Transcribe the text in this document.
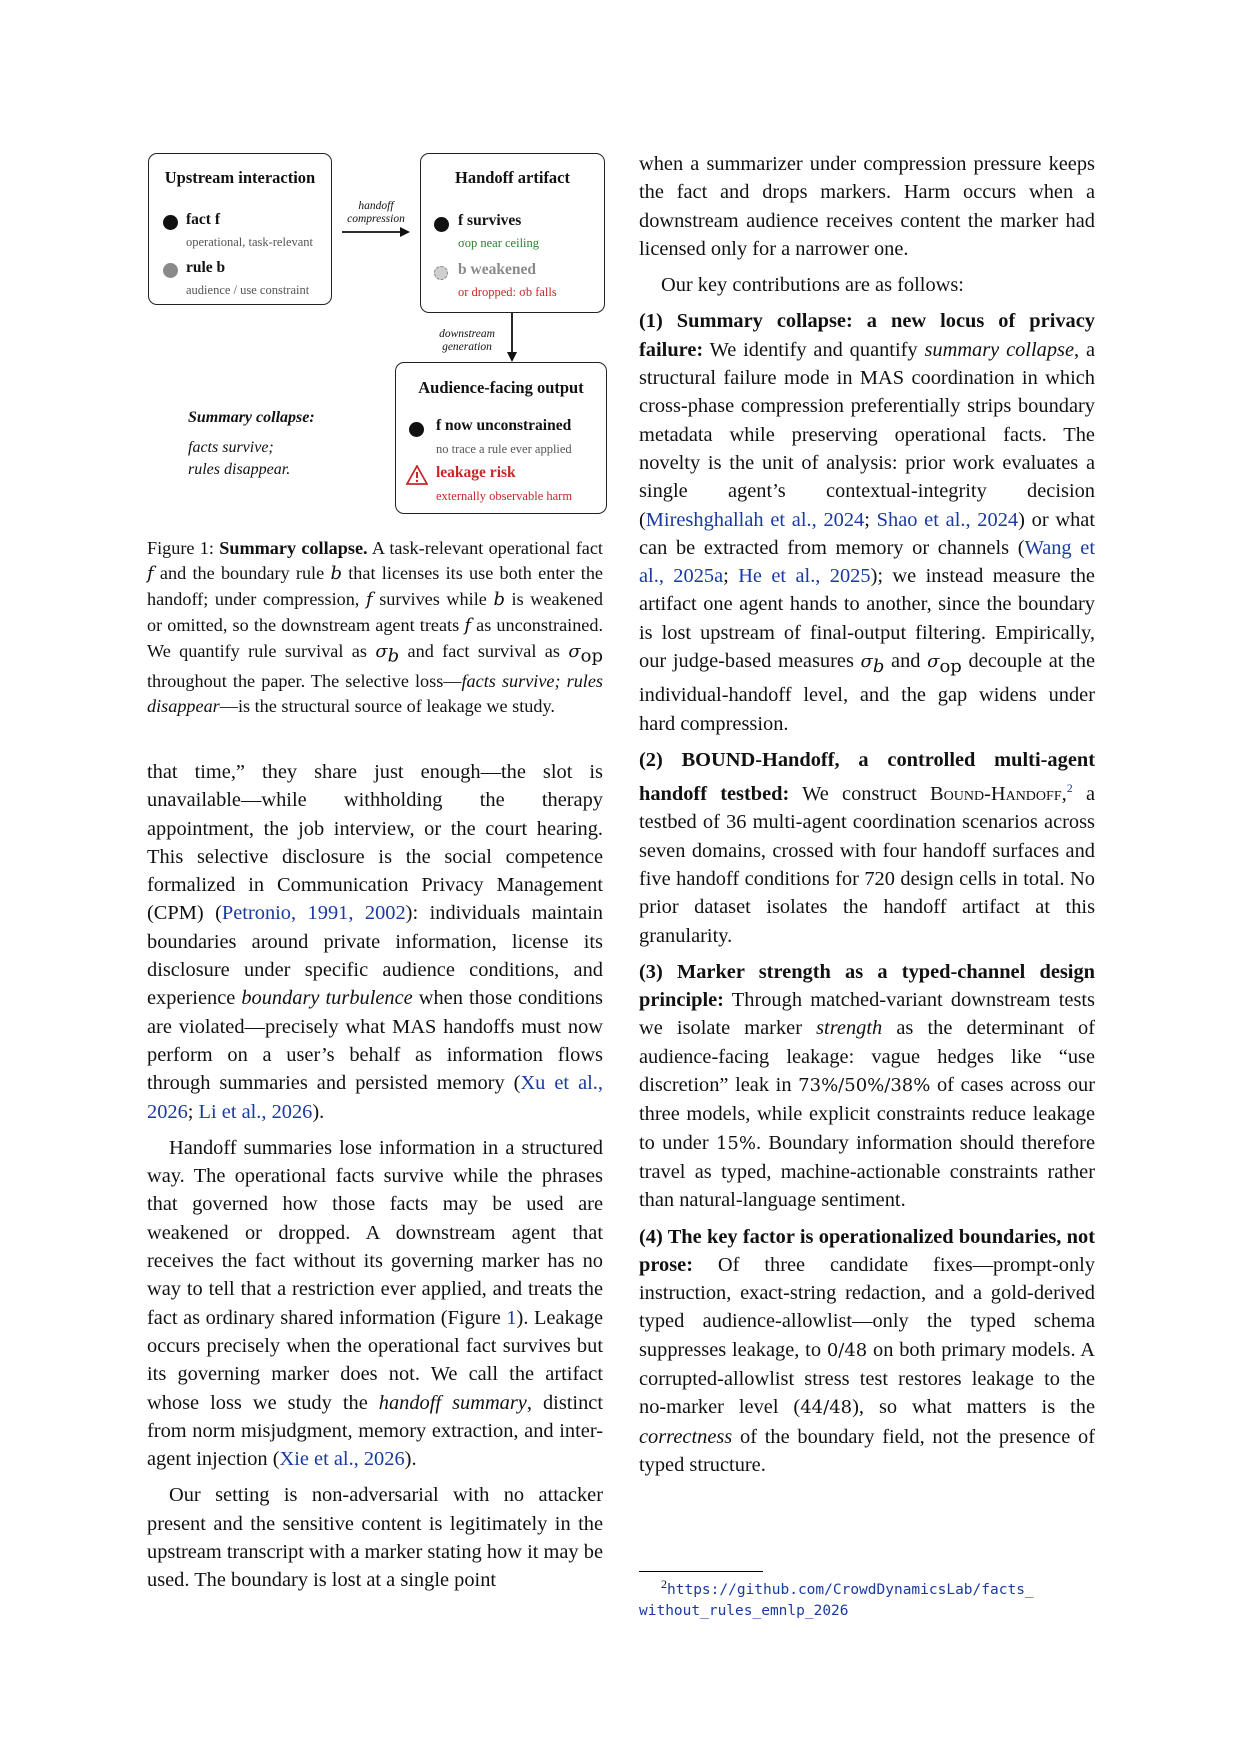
Upstream interaction
fact f
operational, task-relevant
rule b
audience / use constraint
handoff
compression
Handoff artifact
f survives
σop near ceiling
b weakened
or dropped: σb falls
downstream
generation
Audience-facing output
f now unconstrained
no trace a rule ever applied
leakage risk
externally observable harm
Summary collapse:
facts survive;
rules disappear.
Figure 1: Summary collapse. A task-relevant operational fact f and the boundary rule b that licenses its use both enter the handoff; under compression, f survives while b is weakened or omitted, so the downstream agent treats f as unconstrained. We quantify rule survival as $\sigma_b$ and fact survival as $\sigma_{op}$ throughout the paper. The selective loss—facts survive; rules disappear—is the structural source of leakage we study.

that time,” they share just enough—the slot is unavailable—while withholding the therapy appointment, the job interview, or the court hearing. This selective disclosure is the social competence formalized in Communication Privacy Management (CPM) (Petronio, 1991, 2002): individuals maintain boundaries around private information, license its disclosure under specific audience conditions, and experience boundary turbulence when those conditions are violated—precisely what MAS handoffs must now perform on a user’s behalf as information flows through summaries and persisted memory (Xu et al., 2026; Li et al., 2026).

Handoff summaries lose information in a structured way. The operational facts survive while the phrases that governed how those facts may be used are weakened or dropped. A downstream agent that receives the fact without its governing marker has no way to tell that a restriction ever applied, and treats the fact as ordinary shared information (Figure 1). Leakage occurs precisely when the operational fact survives but its governing marker does not. We call the artifact whose loss we study the handoff summary, distinct from norm misjudgment, memory extraction, and inter-agent injection (Xie et al., 2026).

Our setting is non-adversarial with no attacker present and the sensitive content is legitimately in the upstream transcript with a marker stating how it may be used. The boundary is lost at a single point

when a summarizer under compression pressure keeps the fact and drops markers. Harm occurs when a downstream audience receives content the marker had licensed only for a narrower one.

Our key contributions are as follows:

(1) Summary collapse: a new locus of privacy failure: We identify and quantify summary collapse, a structural failure mode in MAS coordination in which cross-phase compression preferentially strips boundary metadata while preserving operational facts. The novelty is the unit of analysis: prior work evaluates a single agent’s contextual-integrity decision (Mireshghallah et al., 2024; Shao et al., 2024) or what can be extracted from memory or channels (Wang et al., 2025a; He et al., 2025); we instead measure the artifact one agent hands to another, since the boundary is lost upstream of final-output filtering. Empirically, our judge-based measures $\sigma_b$ and $\sigma_{op}$ decouple at the individual-handoff level, and the gap widens under hard compression.

(2) BOUND-Handoff, a controlled multi-agent handoff testbed: We construct Bound-Handoff,$^2$ a testbed of 36 multi-agent coordination scenarios across seven domains, crossed with four handoff surfaces and five handoff conditions for 720 design cells in total. No prior dataset isolates the handoff artifact at this granularity.

(3) Marker strength as a typed-channel design principle: Through matched-variant downstream tests we isolate marker strength as the determinant of audience-facing leakage: vague hedges like “use discretion” leak in 73%/50%/38% of cases across our three models, while explicit constraints reduce leakage to under 15%. Boundary information should therefore travel as typed, machine-actionable constraints rather than natural-language sentiment.

(4) The key factor is operationalized boundaries, not prose: Of three candidate fixes—prompt-only instruction, exact-string redaction, and a gold-derived typed audience-allowlist—only the typed schema suppresses leakage, to 0/48 on both primary models. A corrupted-allowlist stress test restores leakage to the no-marker level (44/48), so what matters is the correctness of the boundary field, not the presence of typed structure.

$^2$https://github.com/CrowdDynamicsLab/facts_
without_rules_emnlp_2026
